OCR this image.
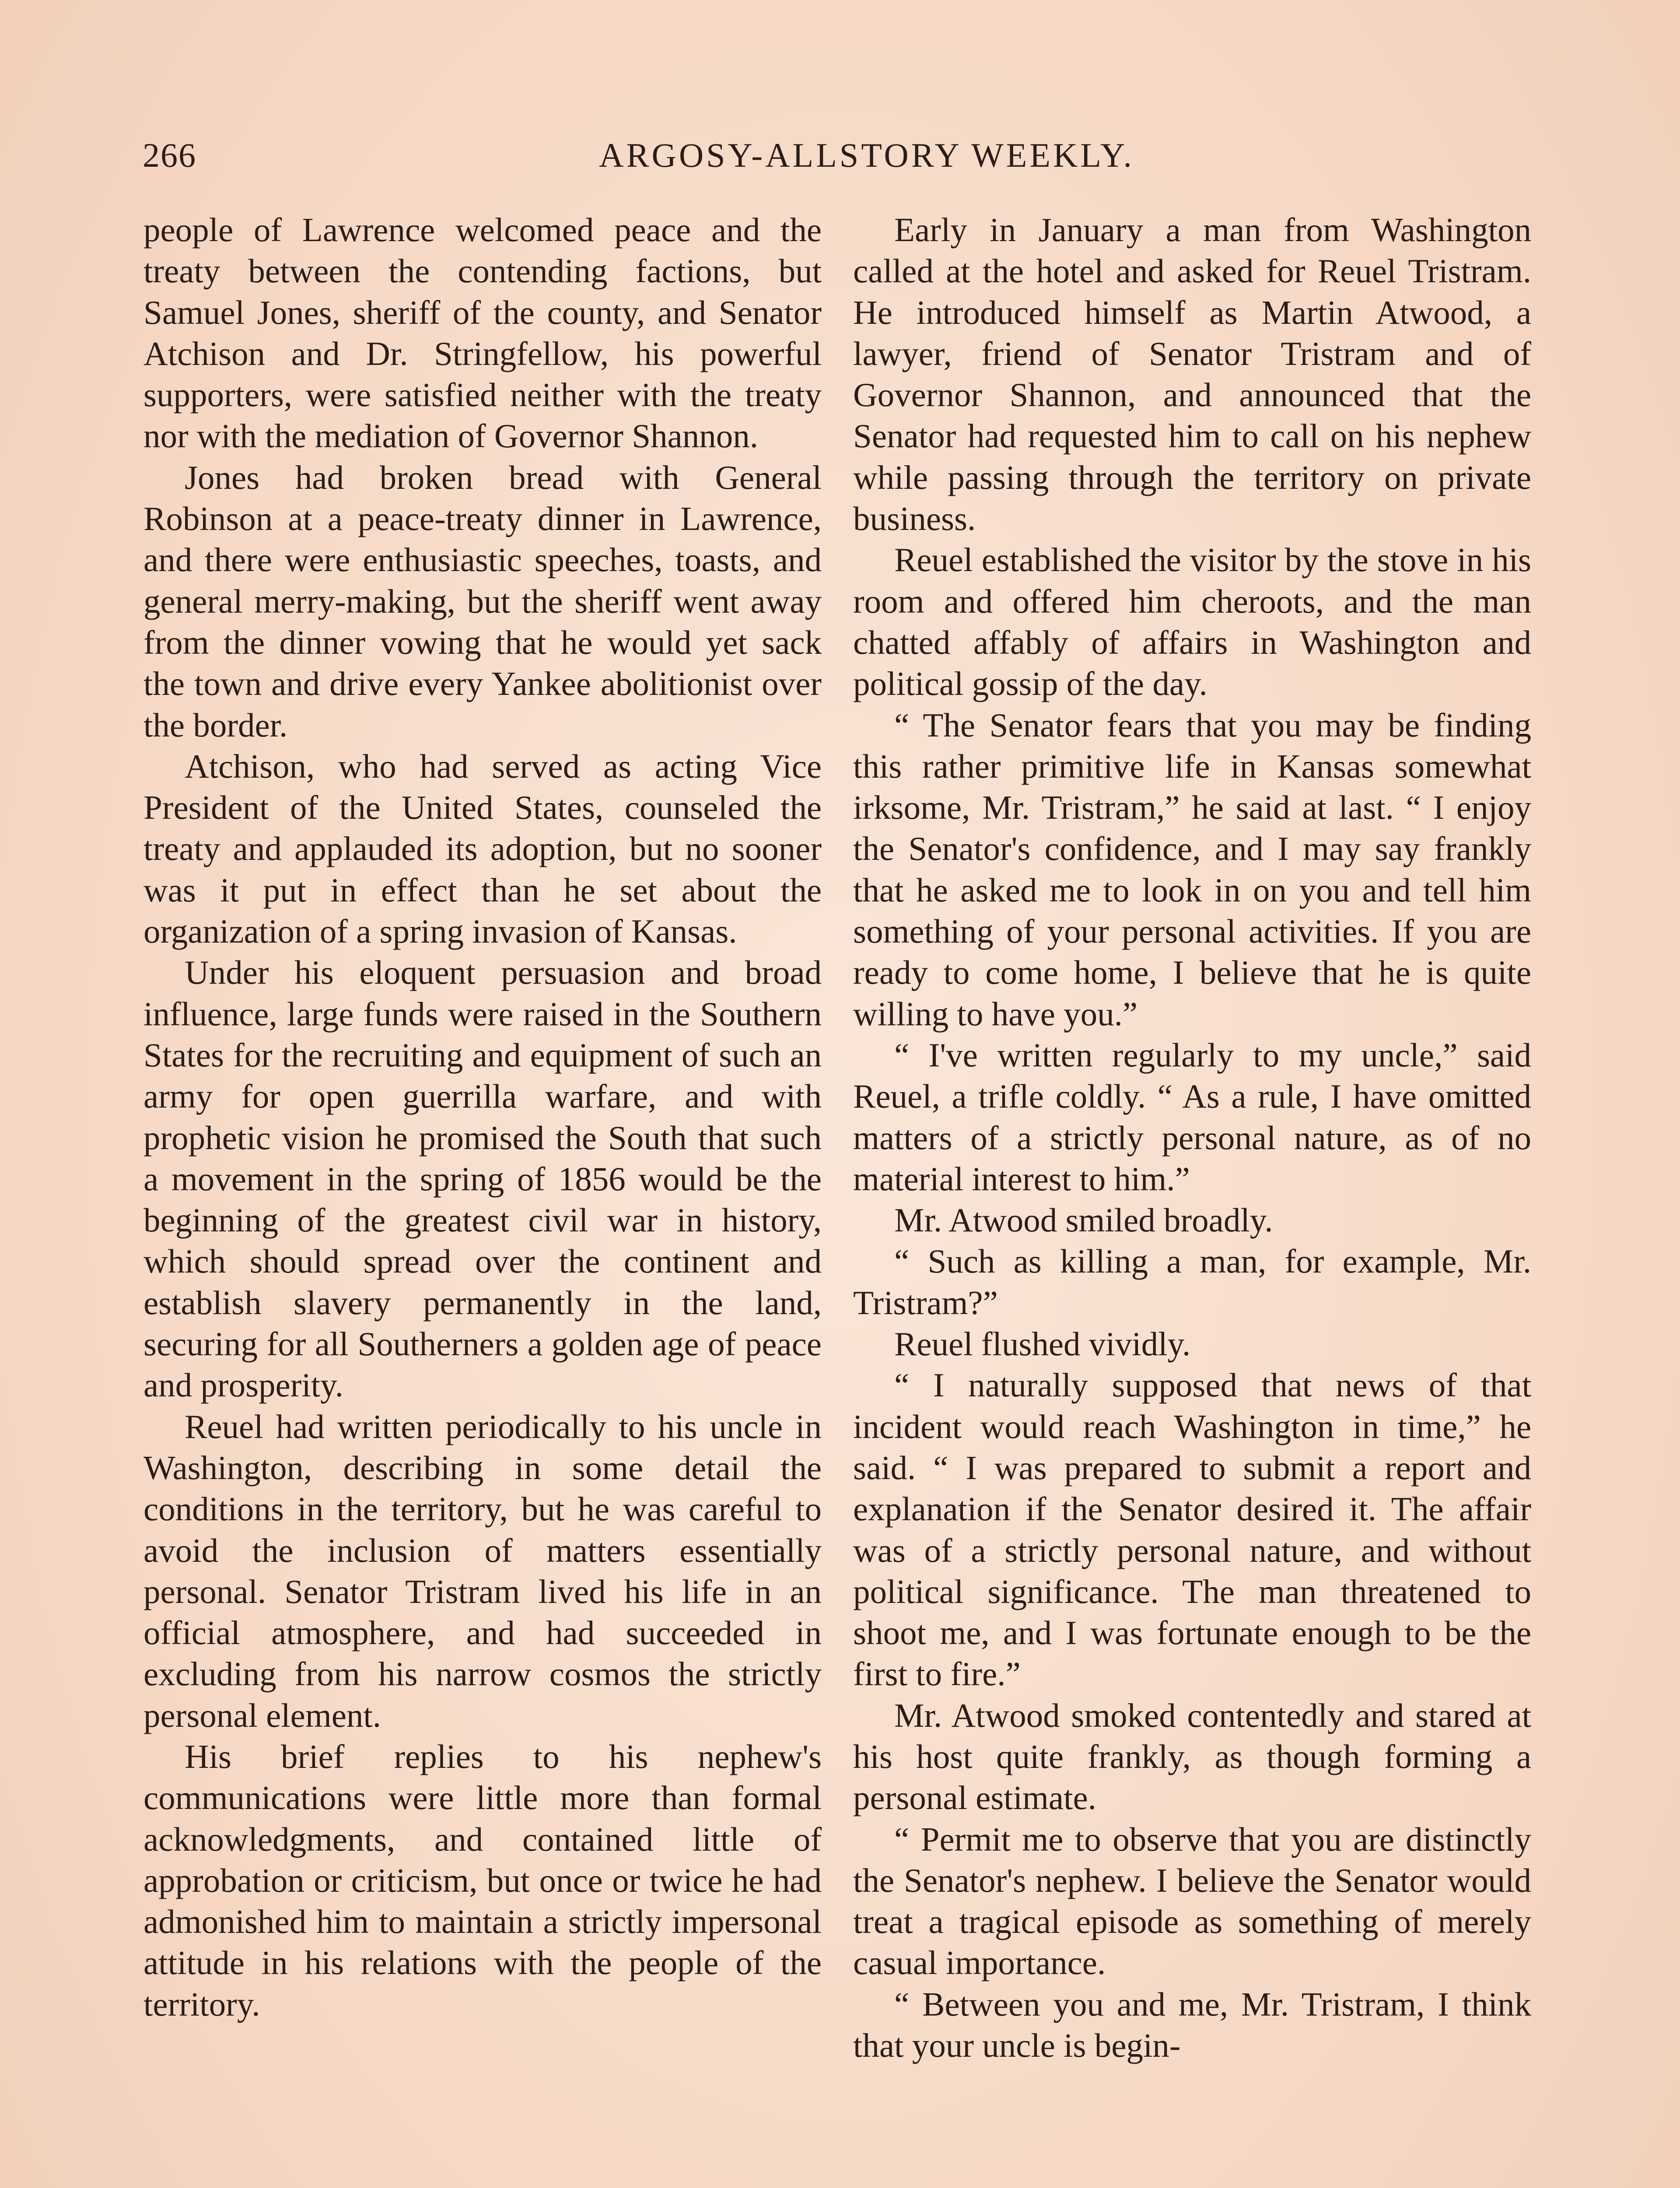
266	ARGOSY-ALLSTORY WEEKLY.

people of Lawrence welcomed peace and the treaty between the contending factions, but Samuel Jones, sheriff of the county, and Senator Atchison and Dr. Stringfellow, his powerful supporters, were satisfied neither with the treaty nor with the mediation of Governor Shannon.

Jones had broken bread with General Robinson at a peace-treaty dinner in Lawrence, and there were enthusiastic speeches, toasts, and general merry-making, but the sheriff went away from the dinner vowing that he would yet sack the town and drive every Yankee abolitionist over the border.

Atchison, who had served as acting Vice President of the United States, counseled the treaty and applauded its adoption, but no sooner was it put in effect than he set about the organization of a spring invasion of Kansas.

Under his eloquent persuasion and broad influence, large funds were raised in the Southern States for the recruiting and equipment of such an army for open guerrilla warfare, and with prophetic vision he promised the South that such a movement in the spring of 1856 would be the beginning of the greatest civil war in history, which should spread over the continent and establish slavery permanently in the land, securing for all Southerners a golden age of peace and prosperity.

Reuel had written periodically to his uncle in Washington, describing in some detail the conditions in the territory, but he was careful to avoid the inclusion of matters essentially personal. Senator Tristram lived his life in an official atmosphere, and had succeeded in excluding from his narrow cosmos the strictly personal element.

His brief replies to his nephew's communications were little more than formal acknowledgments, and contained little of approbation or criticism, but once or twice he had admonished him to maintain a strictly impersonal attitude in his relations with the people of the territory.

Early in January a man from Washington called at the hotel and asked for Reuel Tristram. He introduced himself as Martin Atwood, a lawyer, friend of Senator Tristram and of Governor Shannon, and announced that the Senator had requested him to call on his nephew while passing through the territory on private business.

Reuel established the visitor by the stove in his room and offered him cheroots, and the man chatted affably of affairs in Washington and political gossip of the day.

“ The Senator fears that you may be finding this rather primitive life in Kansas somewhat irksome, Mr. Tristram,” he said at last. “ I enjoy the Senator's confidence, and I may say frankly that he asked me to look in on you and tell him something of your personal activities. If you are ready to come home, I believe that he is quite willing to have you.”

“ I've written regularly to my uncle,” said Reuel, a trifle coldly. “ As a rule, I have omitted matters of a strictly personal nature, as of no material interest to him.”

Mr. Atwood smiled broadly.

“ Such as killing a man, for example, Mr. Tristram?”

Reuel flushed vividly.

“ I naturally supposed that news of that incident would reach Washington in time,” he said. “ I was prepared to submit a report and explanation if the Senator desired it. The affair was of a strictly personal nature, and without political significance. The man threatened to shoot me, and I was fortunate enough to be the first to fire.”

Mr. Atwood smoked contentedly and stared at his host quite frankly, as though forming a personal estimate.

“ Permit me to observe that you are distinctly the Senator's nephew. I believe the Senator would treat a tragical episode as something of merely casual importance.

“ Between you and me, Mr. Tristram, I think that your uncle is begin-
